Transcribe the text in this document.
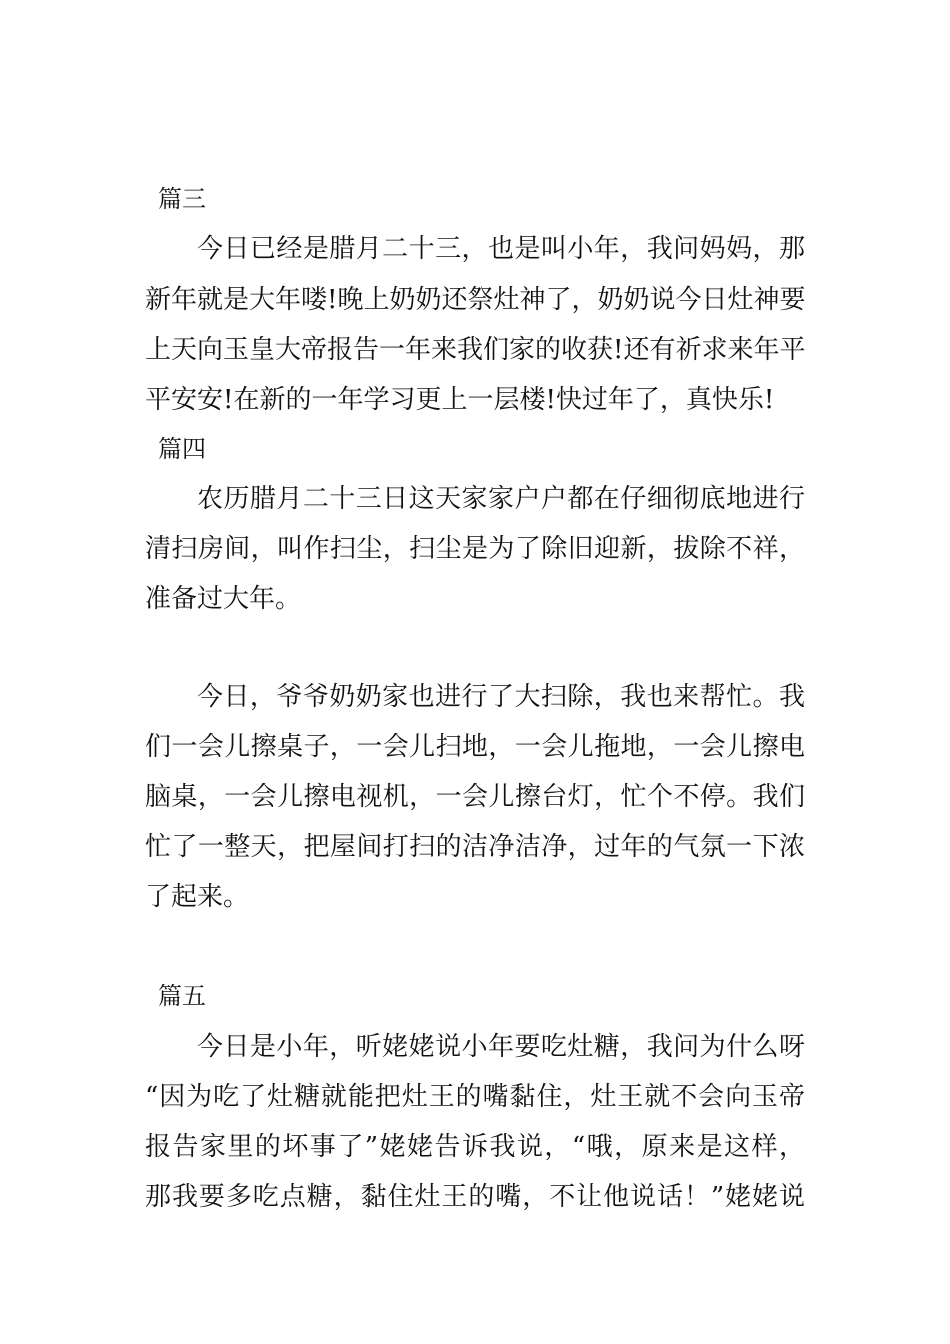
篇三
今日已经是腊月二十三，也是叫小年，我问妈妈，那
新年就是大年喽!晚上奶奶还祭灶神了，奶奶说今日灶神要
上天向玉皇大帝报告一年来我们家的收获!还有祈求来年平
平安安!在新的一年学习更上一层楼!快过年了，真快乐!
篇四
农历腊月二十三日这天家家户户都在仔细彻底地进行
清扫房间，叫作扫尘，扫尘是为了除旧迎新，拔除不祥，
准备过大年。
今日，爷爷奶奶家也进行了大扫除，我也来帮忙。我
们一会儿擦桌子，一会儿扫地，一会儿拖地，一会儿擦电
脑桌，一会儿擦电视机，一会儿擦台灯，忙个不停。我们
忙了一整天，把屋间打扫的洁净洁净，过年的气氛一下浓
了起来。
篇五
今日是小年，听姥姥说小年要吃灶糖，我问为什么呀
“因为吃了灶糖就能把灶王的嘴黏住，灶王就不会向玉帝
报告家里的坏事了”姥姥告诉我说，“哦，原来是这样，
那我要多吃点糖，黏住灶王的嘴，不让他说话！”姥姥说
